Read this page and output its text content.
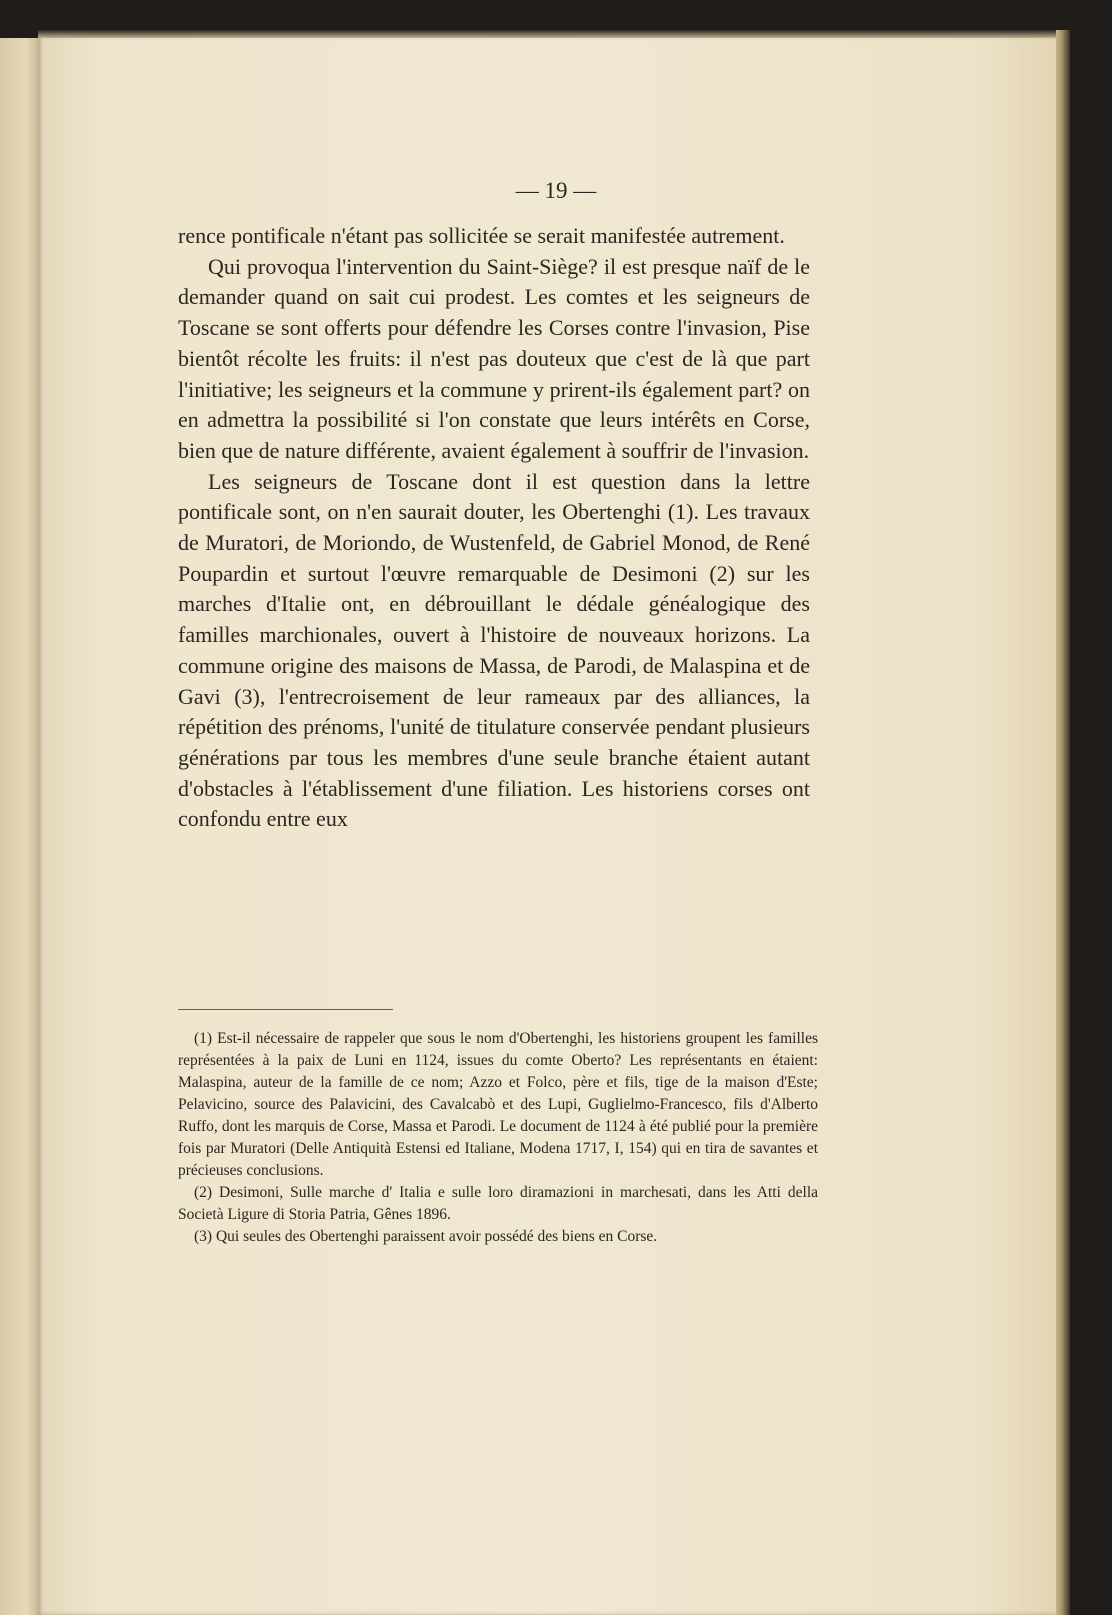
— 19 —

rence pontificale n'étant pas sollicitée se serait manifestée autrement.

Qui provoqua l'intervention du Saint-Siège? il est presque naïf de le demander quand on sait cui prodest. Les comtes et les seigneurs de Toscane se sont offerts pour défendre les Corses contre l'invasion, Pise bientôt récolte les fruits: il n'est pas douteux que c'est de là que part l'initiative; les seigneurs et la commune y prirent-ils également part? on en admettra la possibilité si l'on constate que leurs intérêts en Corse, bien que de nature différente, avaient également à souffrir de l'invasion.

Les seigneurs de Toscane dont il est question dans la lettre pontificale sont, on n'en saurait douter, les Obertenghi (1). Les travaux de Muratori, de Moriondo, de Wustenfeld, de Gabriel Monod, de René Poupardin et surtout l'œuvre remarquable de Desimoni (2) sur les marches d'Italie ont, en débrouillant le dédale généalogique des familles marchionales, ouvert à l'histoire de nouveaux horizons. La commune origine des maisons de Massa, de Parodi, de Malaspina et de Gavi (3), l'entrecroisement de leur rameaux par des alliances, la répétition des prénoms, l'unité de titulature conservée pendant plusieurs générations par tous les membres d'une seule branche étaient autant d'obstacles à l'établissement d'une filiation. Les historiens corses ont confondu entre eux

(1) Est-il nécessaire de rappeler que sous le nom d'Obertenghi, les historiens groupent les familles représentées à la paix de Luni en 1124, issues du comte Oberto? Les représentants en étaient: Malaspina, auteur de la famille de ce nom; Azzo et Folco, père et fils, tige de la maison d'Este; Pelavicino, source des Palavicini, des Cavalcabò et des Lupi, Guglielmo-Francesco, fils d'Alberto Ruffo, dont les marquis de Corse, Massa et Parodi. Le document de 1124 à été publié pour la première fois par Muratori (Delle Antiquità Estensi ed Italiane, Modena 1717, I, 154) qui en tira de savantes et précieuses conclusions.

(2) Desimoni, Sulle marche d' Italia e sulle loro diramazioni in marchesati, dans les Atti della Società Ligure di Storia Patria, Gênes 1896.

(3) Qui seules des Obertenghi paraissent avoir possédé des biens en Corse.
